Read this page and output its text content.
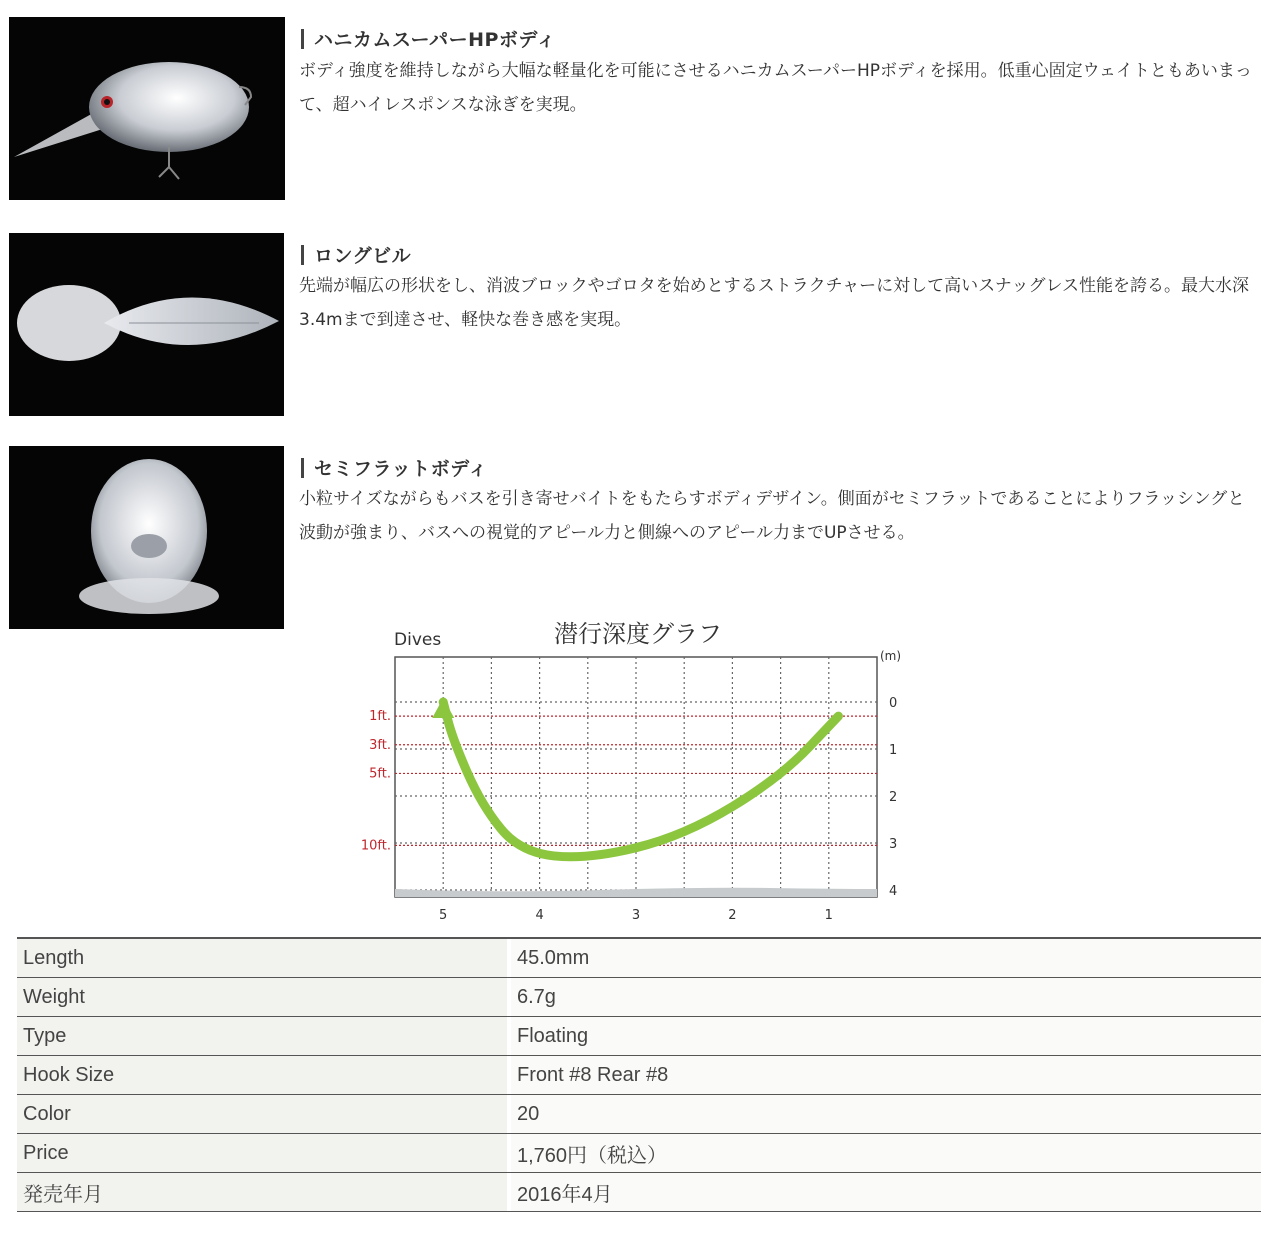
ハニカムスーパーHPボディ

ボディ強度を維持しながら大幅な軽量化を可能にさせるハニカムスーパーHPボディを採用。低重心固定ウェイトともあいまって、超ハイレスポンスな泳ぎを実現。

ロングビル

先端が幅広の形状をし、消波ブロックやゴロタを始めとするストラクチャーに対して高いスナッグレス性能を誇る。最大水深3.4mまで到達させ、軽快な巻き感を実現。

セミフラットボディ

小粒サイズながらもバスを引き寄せバイトをもたらすボディデザイン。側面がセミフラットであることによりフラッシングと波動が強まり、バスへの視覚的アピール力と側線へのアピール力までUPさせる。

潜行深度グラフ
Dives
(m)
0
1
2
3
4
1ft.
3ft.
5ft.
10ft.
5	4	3	2	1
Length		45.0mm
Weight		6.7g
Type		Floating
Hook Size		Front #8 Rear #8
Color		20
Price		1,760円（税込）
発売年月		2016年4月
